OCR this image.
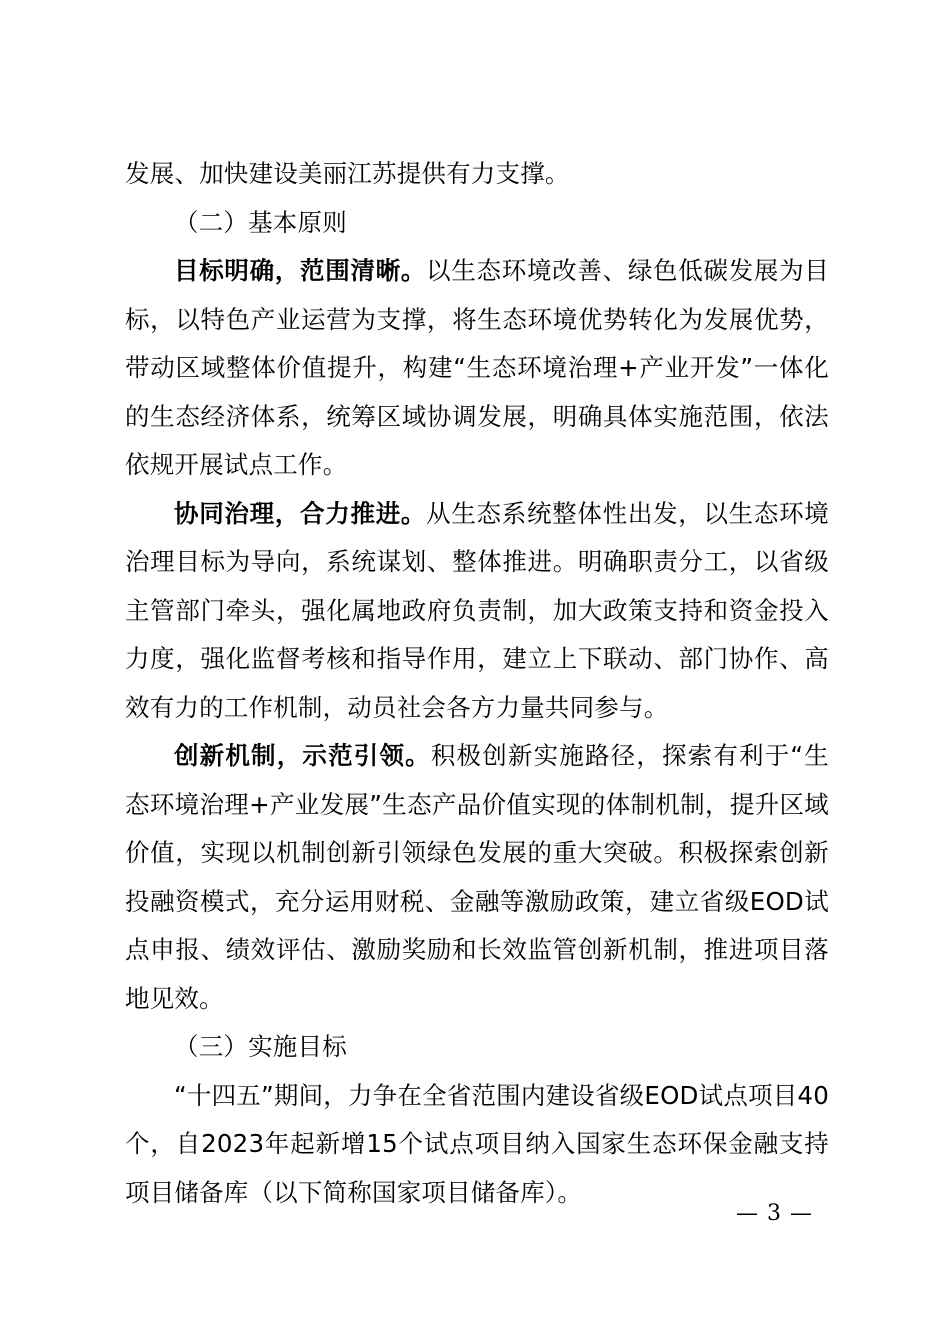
发展、加快建设美丽江苏提供有力支撑。

（二）基本原则

目标明确，范围清晰。以生态环境改善、绿色低碳发展为目标，以特色产业运营为支撑，将生态环境优势转化为发展优势，带动区域整体价值提升，构建“生态环境治理+产业开发”一体化的生态经济体系，统筹区域协调发展，明确具体实施范围，依法依规开展试点工作。

协同治理，合力推进。从生态系统整体性出发，以生态环境治理目标为导向，系统谋划、整体推进。明确职责分工，以省级主管部门牵头，强化属地政府负责制，加大政策支持和资金投入力度，强化监督考核和指导作用，建立上下联动、部门协作、高效有力的工作机制，动员社会各方力量共同参与。

创新机制，示范引领。积极创新实施路径，探索有利于“生态环境治理+产业发展”生态产品价值实现的体制机制，提升区域价值，实现以机制创新引领绿色发展的重大突破。积极探索创新投融资模式，充分运用财税、金融等激励政策，建立省级EOD试点申报、绩效评估、激励奖励和长效监管创新机制，推进项目落地见效。

（三）实施目标

“十四五”期间，力争在全省范围内建设省级EOD试点项目40个，自2023年起新增15个试点项目纳入国家生态环保金融支持项目储备库（以下简称国家项目储备库）。

— 3 —
